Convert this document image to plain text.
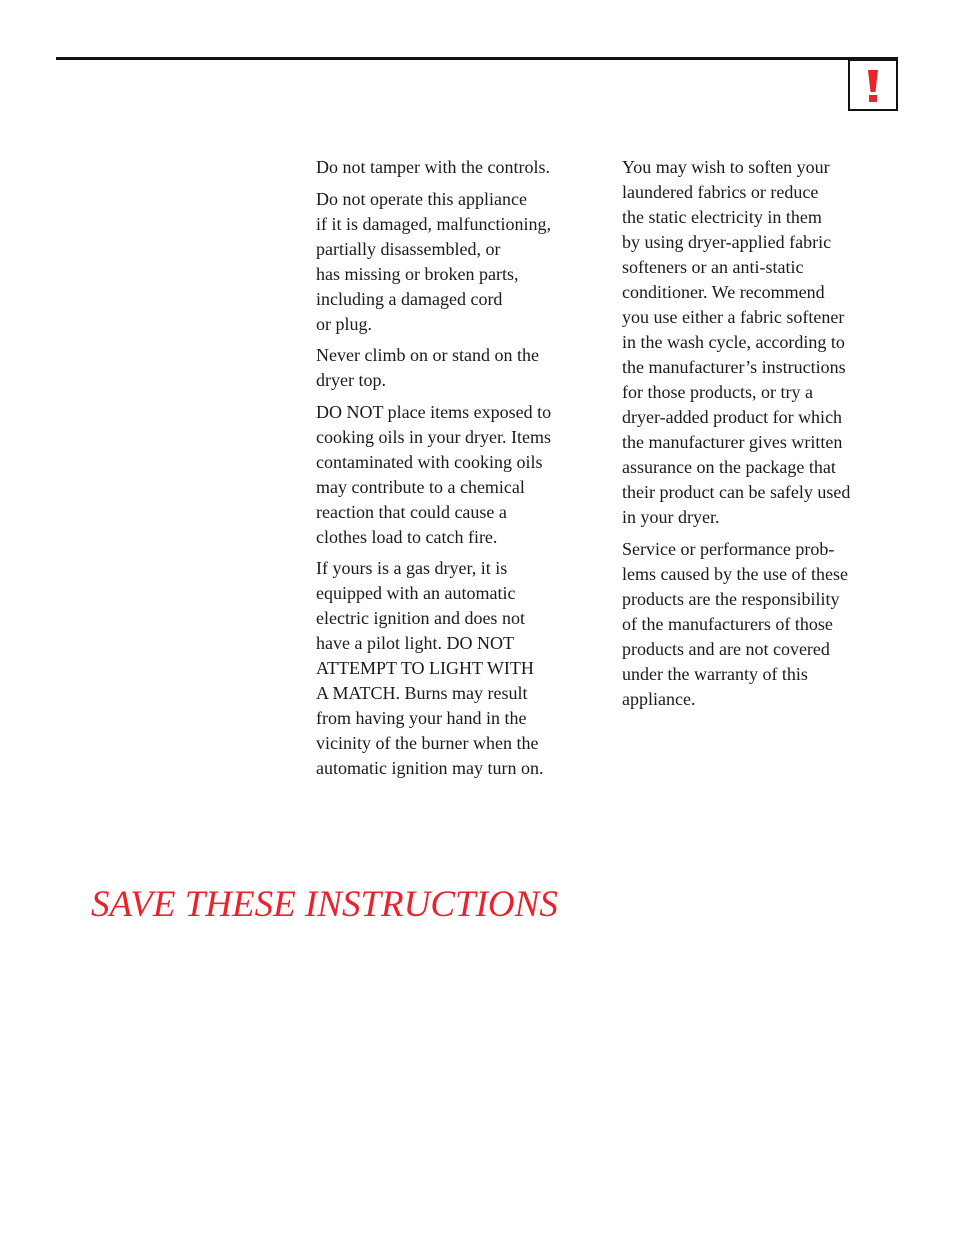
Do not tamper with the controls.

Do not operate this appliance
if it is damaged, malfunctioning,
partially disassembled, or
has missing or broken parts,
including a damaged cord
or plug.

Never climb on or stand on the
dryer top.

DO NOT place items exposed to
cooking oils in your dryer. Items
contaminated with cooking oils
may contribute to a chemical
reaction that could cause a
clothes load to catch fire.

If yours is a gas dryer, it is
equipped with an automatic
electric ignition and does not
have a pilot light. DO NOT
ATTEMPT TO LIGHT WITH
A MATCH. Burns may result
from having your hand in the
vicinity of the burner when the
automatic ignition may turn on.

You may wish to soften your
laundered fabrics or reduce
the static electricity in them
by using dryer-applied fabric
softeners or an anti-static
conditioner. We recommend
you use either a fabric softener
in the wash cycle, according to
the manufacturer’s instructions
for those products, or try a
dryer-added product for which
the manufacturer gives written
assurance on the package that
their product can be safely used
in your dryer.

Service or performance prob-
lems caused by the use of these
products are the responsibility
of the manufacturers of those
products and are not covered
under the warranty of this
appliance.

SAVE THESE INSTRUCTIONS
